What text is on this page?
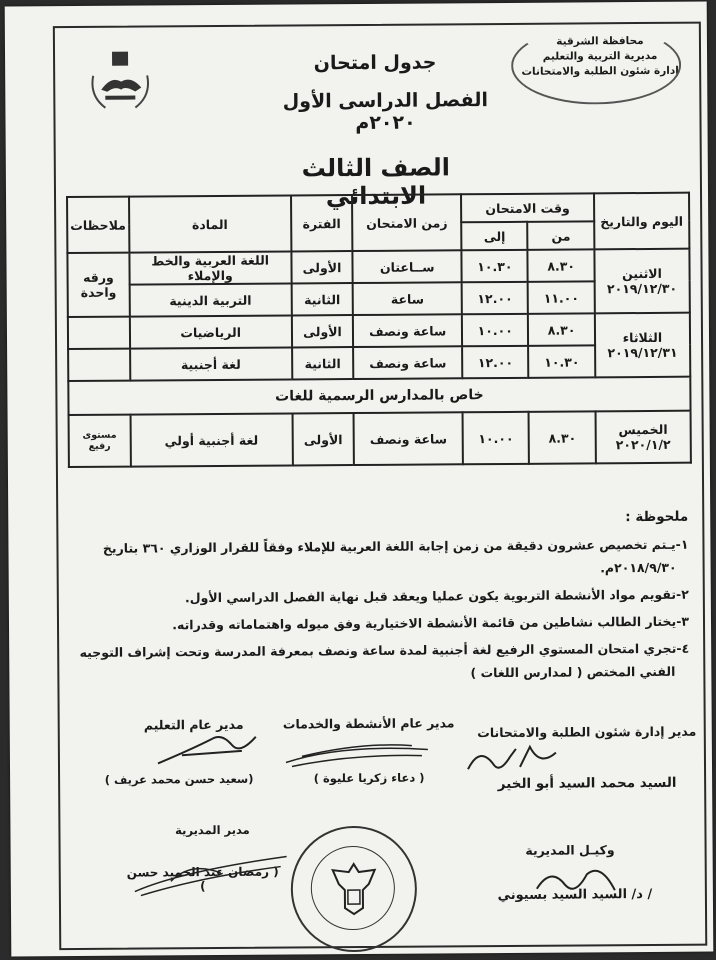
محافظة الشرقية
مديرية التربية والتعليم
إدارة شئون الطلبة والامتحانات
جدول امتحان
الفصل الدراسى الأول ٢٠٢٠م
الصف الثالث الابتدائي
اليوم والتاريخ	وقت الامتحان		زمن الامتحان	الفترة	المادة	ملاحظات
	من	إلى				

الاثنين
٢٠١٩/١٢/٣٠	٨.٣٠	١٠.٣٠	ســاعتان	الأولى	اللغة العربية والخط والإملاء	ورقه واحدة
	١١.٠٠	١٢.٠٠	ساعة	الثانية	التربية الدينية	

الثلاثاء
٢٠١٩/١٢/٣١	٨.٣٠	١٠.٠٠	ساعة ونصف	الأولى	الرياضيات	
	١٠.٣٠	١٢.٠٠	ساعة ونصف	الثانية	لغة أجنبية	
خاص بالمدارس الرسمية للغات						

الخميس
٢٠٢٠/١/٢	٨.٣٠	١٠.٠٠	ساعة ونصف	الأولى	لغة أجنبية أولي	مستوى رفيع

ملحوظة :

١-يـتم تخصيص عشرون دقيقة من زمن إجابة اللغة العربية للإملاء وفقاً للقرار الوزاري ٣٦٠ بتاريخ

٢٠١٨/٩/٣٠م.

٢-تقويم مواد الأنشطة التربوية يكون عمليا ويعقد قبل نهاية الفصل الدراسي الأول.

٣-يختار الطالب نشاطين من قائمة الأنشطة الاختيارية وفق ميوله واهتماماته وقدراته.

٤-تجري امتحان المستوي الرفيع لغة أجنبية لمدة ساعة ونصف بمعرفة المدرسة وتحت إشراف التوجيه

الفني المختص ( لمدارس اللغات )

مدير إدارة شئون الطلبة والامتحانات
السيد محمد السيد أبو الخير
مدير عام الأنشطة والخدمات
( دعاء زكريا عليوة )
مدير عام التعليم
(سعيد حسن محمد عريف )
وكيـل المديرية
/ د/ السيد السيد بسيوني
مدير المديرية
( رمضان عبد الحميد حسن )
